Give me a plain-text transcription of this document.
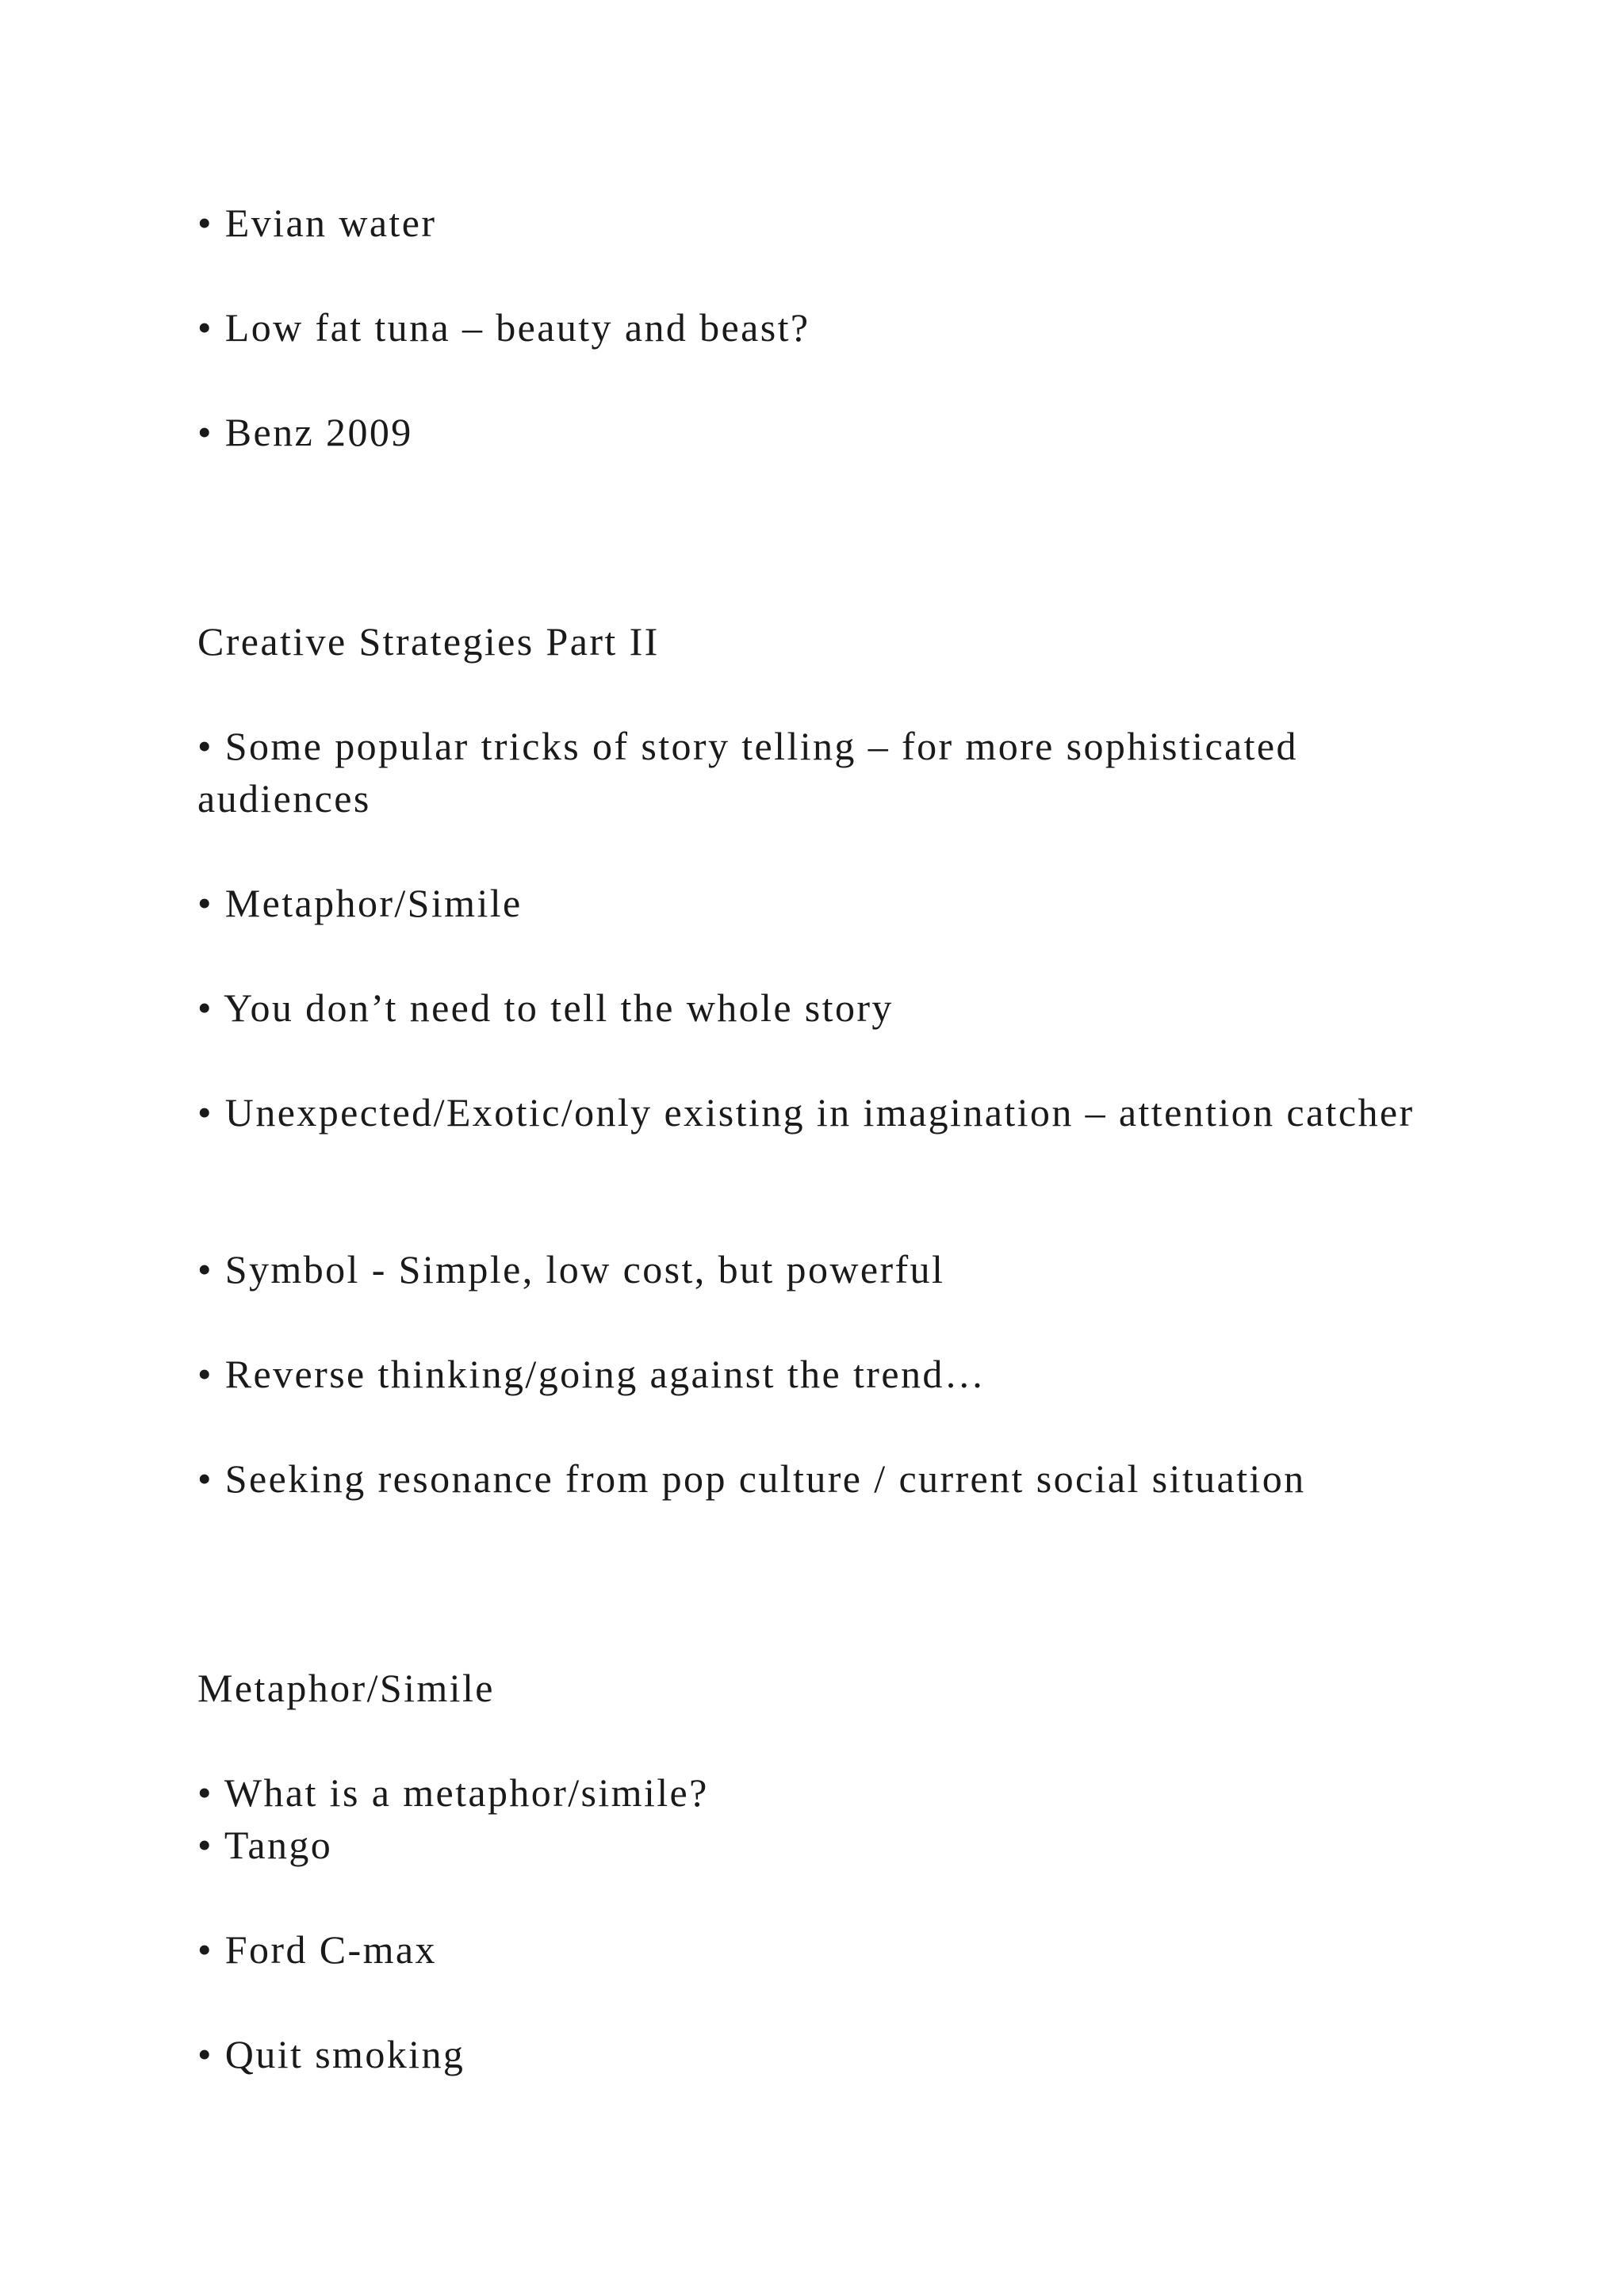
• Evian water

• Low fat tuna – beauty and beast?

• Benz 2009

Creative Strategies Part II

• Some popular tricks of story telling – for more sophisticated audiences

• Metaphor/Simile

• You don’t need to tell the whole story

• Unexpected/Exotic/only existing in imagination – attention catcher

• Symbol - Simple, low cost, but powerful

• Reverse thinking/going against the trend…

• Seeking resonance from pop culture / current social situation

Metaphor/Simile

• What is a metaphor/simile?

• Tango

• Ford C-max

• Quit smoking
